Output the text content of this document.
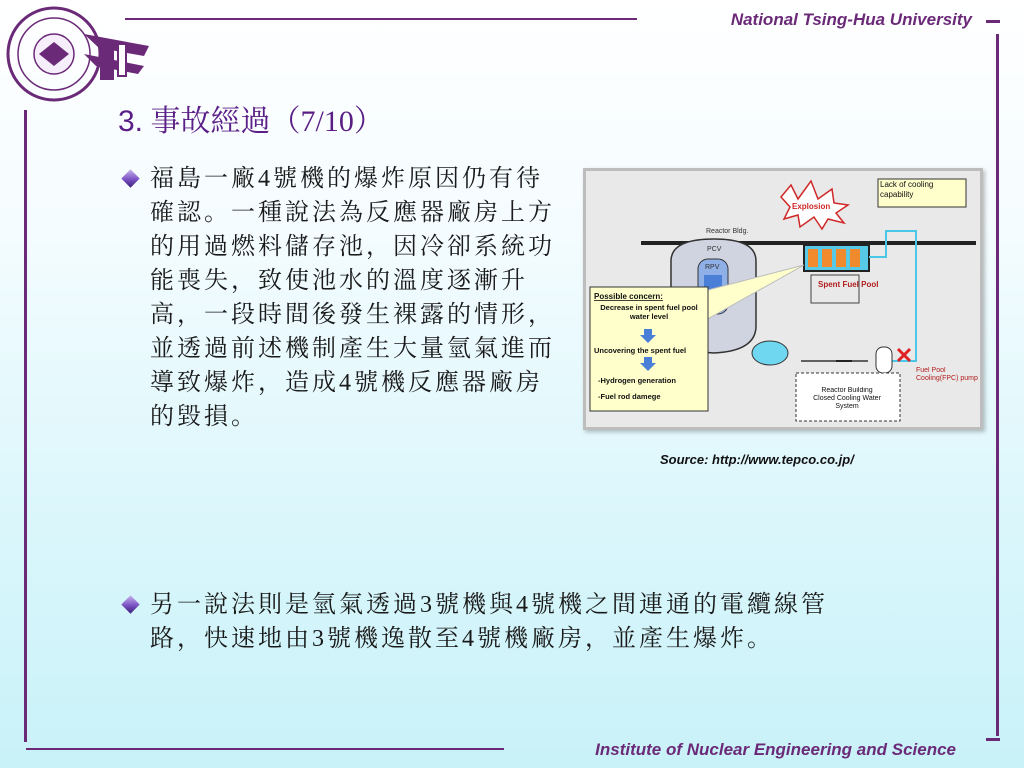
National Tsing-Hua University
3. 事故經過（7/10）
福島一廠4號機的爆炸原因仍有待確認。一種說法為反應器廠房上方的用過燃料儲存池，因冷卻系統功能喪失，致使池水的溫度逐漸升高，一段時間後發生裸露的情形，並透過前述機制產生大量氫氣進而導致爆炸，造成4號機反應器廠房的毀損。
另一說法則是氫氣透過3號機與4號機之間連通的電纜線管路，快速地由3號機逸散至4號機廠房，並產生爆炸。
Reactor Bldg.
PCV
RPV
Spent Fuel Pool
Explosion
Lack of cooling capability
Fuel Pool Cooling(FPC) pump
Reactor Building Closed Cooling Water System
Possible concern:
Decrease in spent fuel pool water level
Uncovering the spent fuel
-Hydrogen generation
-Fuel rod damege
Source: http://www.tepco.co.jp/
Institute of Nuclear Engineering and Science
